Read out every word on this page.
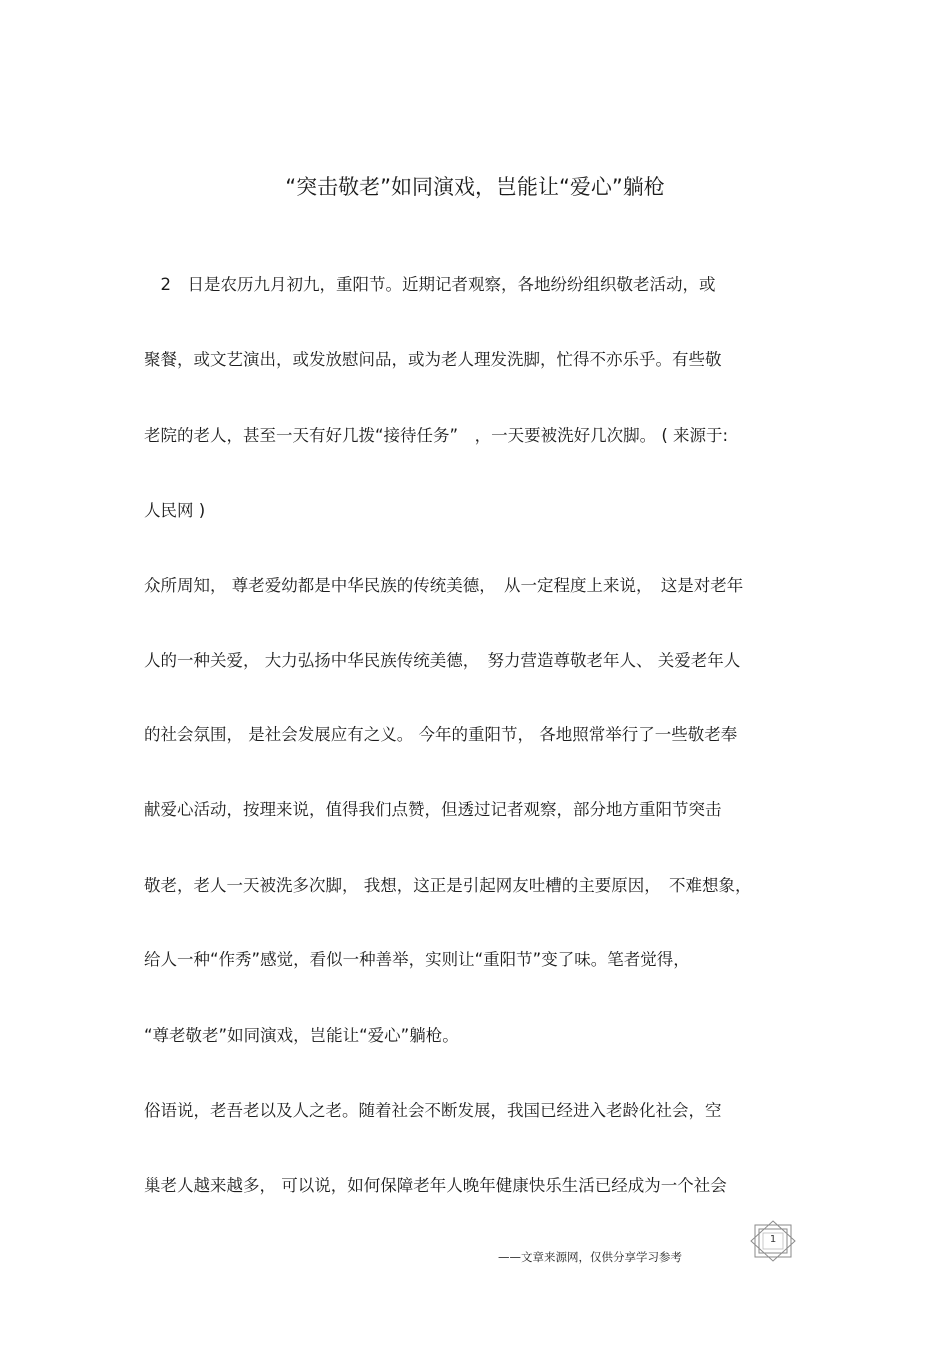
“突击敬老”如同演戏，岂能让“爱心”躺枪
　2　日是农历九月初九，重阳节。近期记者观察，各地纷纷组织敬老活动，或
聚餐，或文艺演出，或发放慰问品，或为老人理发洗脚，忙得不亦乐乎。有些敬
老院的老人，甚至一天有好几拨“接待任务”　，一天要被洗好几次脚。 ( 来源于:
人民网 )
众所周知， 尊老爱幼都是中华民族的传统美德，　从一定程度上来说，　这是对老年
人的一种关爱， 大力弘扬中华民族传统美德，　努力营造尊敬老年人、 关爱老年人
的社会氛围， 是社会发展应有之义。 今年的重阳节， 各地照常举行了一些敬老奉
献爱心活动，按理来说，值得我们点赞，但透过记者观察，部分地方重阳节突击
敬老，老人一天被洗多次脚， 我想，这正是引起网友吐槽的主要原因，　不难想象，
给人一种“作秀”感觉，看似一种善举，实则让“重阳节”变了味。笔者觉得，
“尊老敬老”如同演戏，岂能让“爱心”躺枪。
俗语说，老吾老以及人之老。随着社会不断发展，我国已经进入老龄化社会，空
巢老人越来越多， 可以说，如何保障老年人晚年健康快乐生活已经成为一个社会
1
——文章来源网，仅供分享学习参考
